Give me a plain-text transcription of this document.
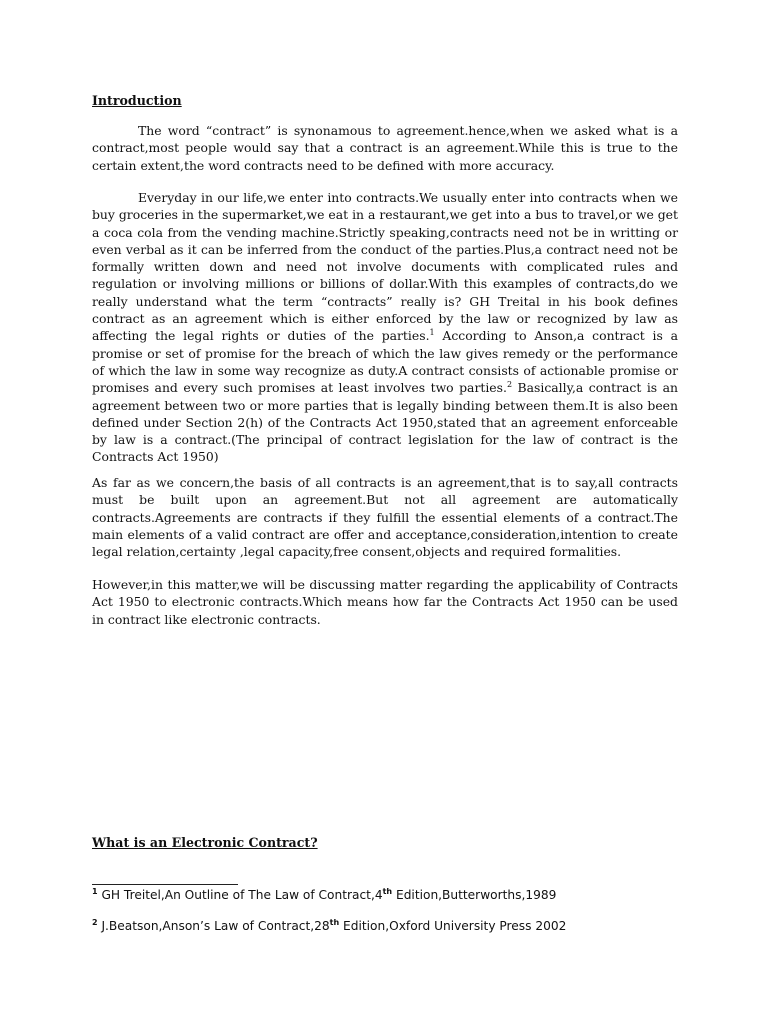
Introduction

The word “contract” is synonamous to agreement.hence,when we asked what is a contract,most people would say that a contract is an agreement.While this is true to the certain extent,the word contracts need to be defined with more accuracy.

Everyday in our life,we enter into contracts.We usually enter into contracts when we buy groceries in the supermarket,we eat in a restaurant,we get into a bus to travel,or we get a coca cola from the vending machine.Strictly speaking,contracts need not be in writting or even verbal as it can be inferred from the conduct of the parties.Plus,a contract need not be formally written down and need not involve documents with complicated rules and regulation or involving millions or billions of dollar.With this examples of contracts,do we really understand what the term “contracts” really is? GH Treital in his book defines contract as an agreement which is either enforced by the law or recognized by law as affecting the legal rights or duties of the parties.$^1$ According to Anson,a contract is a promise or set of promise for the breach of which the law gives remedy or the performance of which the law in some way recognize as duty.A contract consists of actionable promise or promises and every such promises at least involves two parties.$^2$ Basically,a contract is an agreement between two or more parties that is legally binding between them.It is also been defined under Section 2(h) of the Contracts Act 1950,stated that an agreement enforceable by law is a contract.(The principal of contract legislation for the law of contract is the Contracts Act 1950)

As far as we concern,the basis of all contracts is an agreement,that is to say,all contracts must be built upon an agreement.But not all agreement are automatically contracts.Agreements are contracts if they fulfill the essential elements of a contract.The main elements of a valid contract are offer and acceptance,consideration,intention to create legal relation,certainty ,legal capacity,free consent,objects and required formalities.

However,in this matter,we will be discussing matter regarding the applicability of Contracts Act 1950 to electronic contracts.Which means how far the Contracts Act 1950 can be used in contract like electronic contracts.

What is an Electronic Contract?

$^1$ GH Treitel,An Outline of The Law of Contract,4th Edition,Butterworths,1989

$^2$ J.Beatson,Anson’s Law of Contract,28th Edition,Oxford University Press 2002
